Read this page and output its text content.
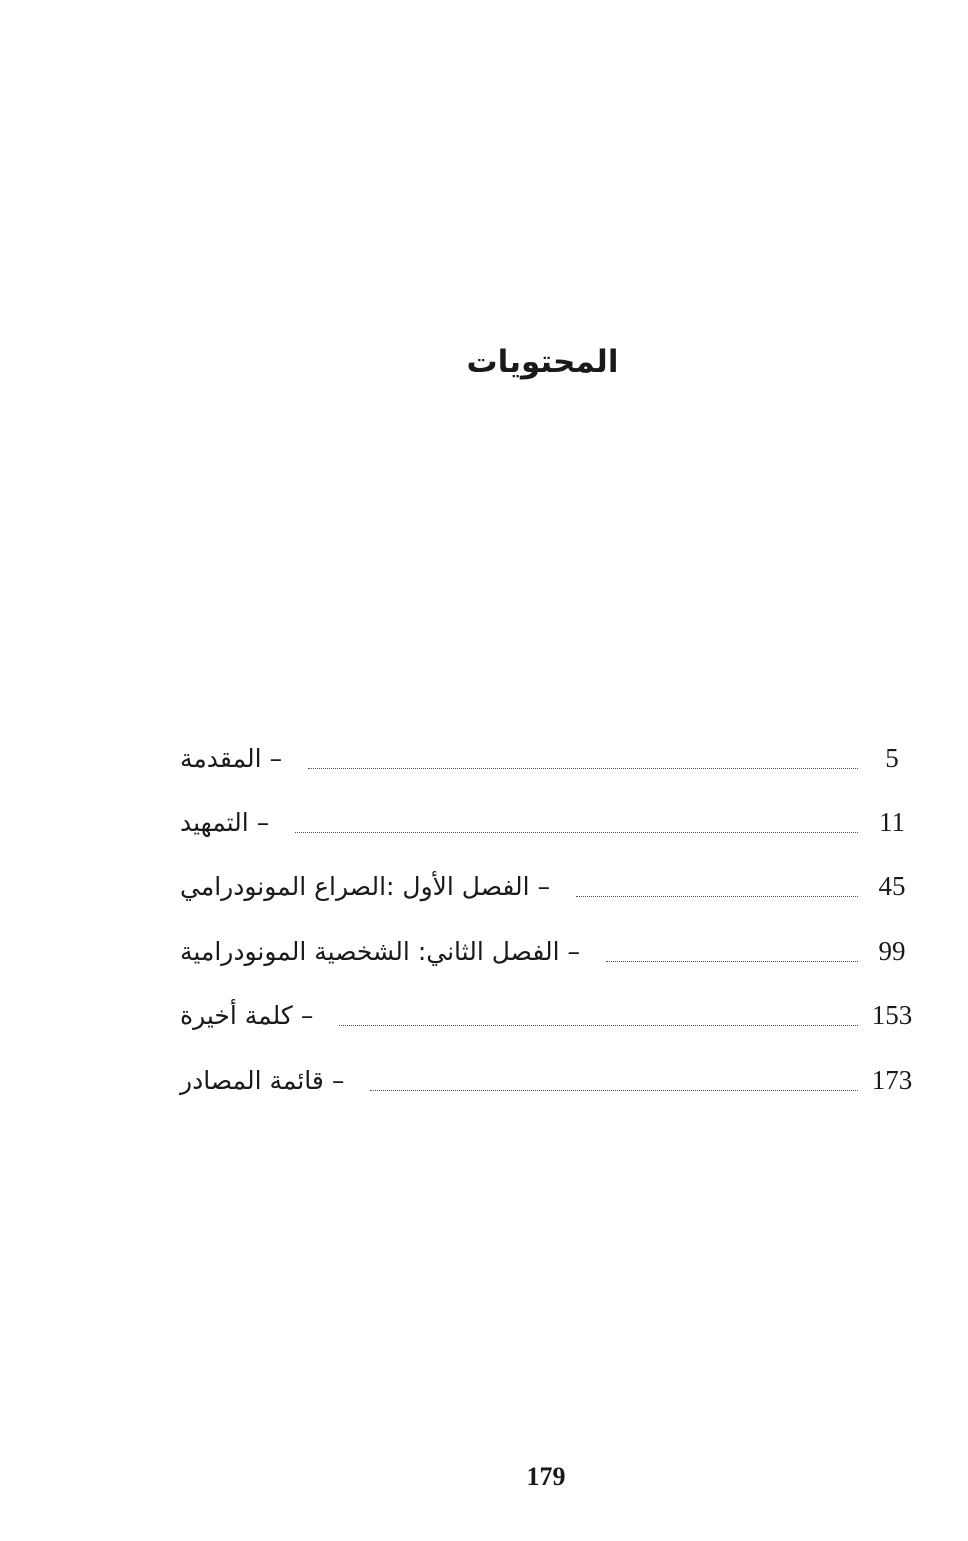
المحتويات
–المقدمة	5
–التمهيد	11
–الفصل الأول :الصراع المونودرامي	45
–الفصل الثاني: الشخصية المونودرامية	99
–كلمة أخيرة	153
–قائمة المصادر	173

179
